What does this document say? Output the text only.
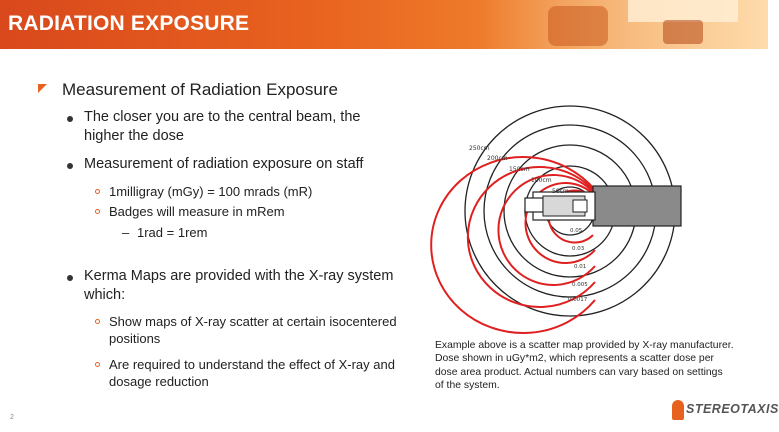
RADIATION EXPOSURE
Measurement of Radiation Exposure
The closer you are to the central beam, the
higher the dose
Measurement of radiation exposure on staff
1milligray (mGy) = 100 mrads (mR)
Badges will measure in mRem
– 1rad = 1rem
Kerma Maps are provided with the X-ray system
which:
Show maps of X-ray scatter at certain isocentered
positions
Are required to understand the effect of X-ray and
dosage reduction
250cm
200cm
150cm
100cm
50cm
0.05
0.03
0.01
0.005
0.0017
Example above is a scatter map provided by X-ray manufacturer.
Dose shown in uGy*m2, which represents a scatter dose per
dose area product. Actual numbers can vary based on settings
of the system.
2
STEREOTAXIS
